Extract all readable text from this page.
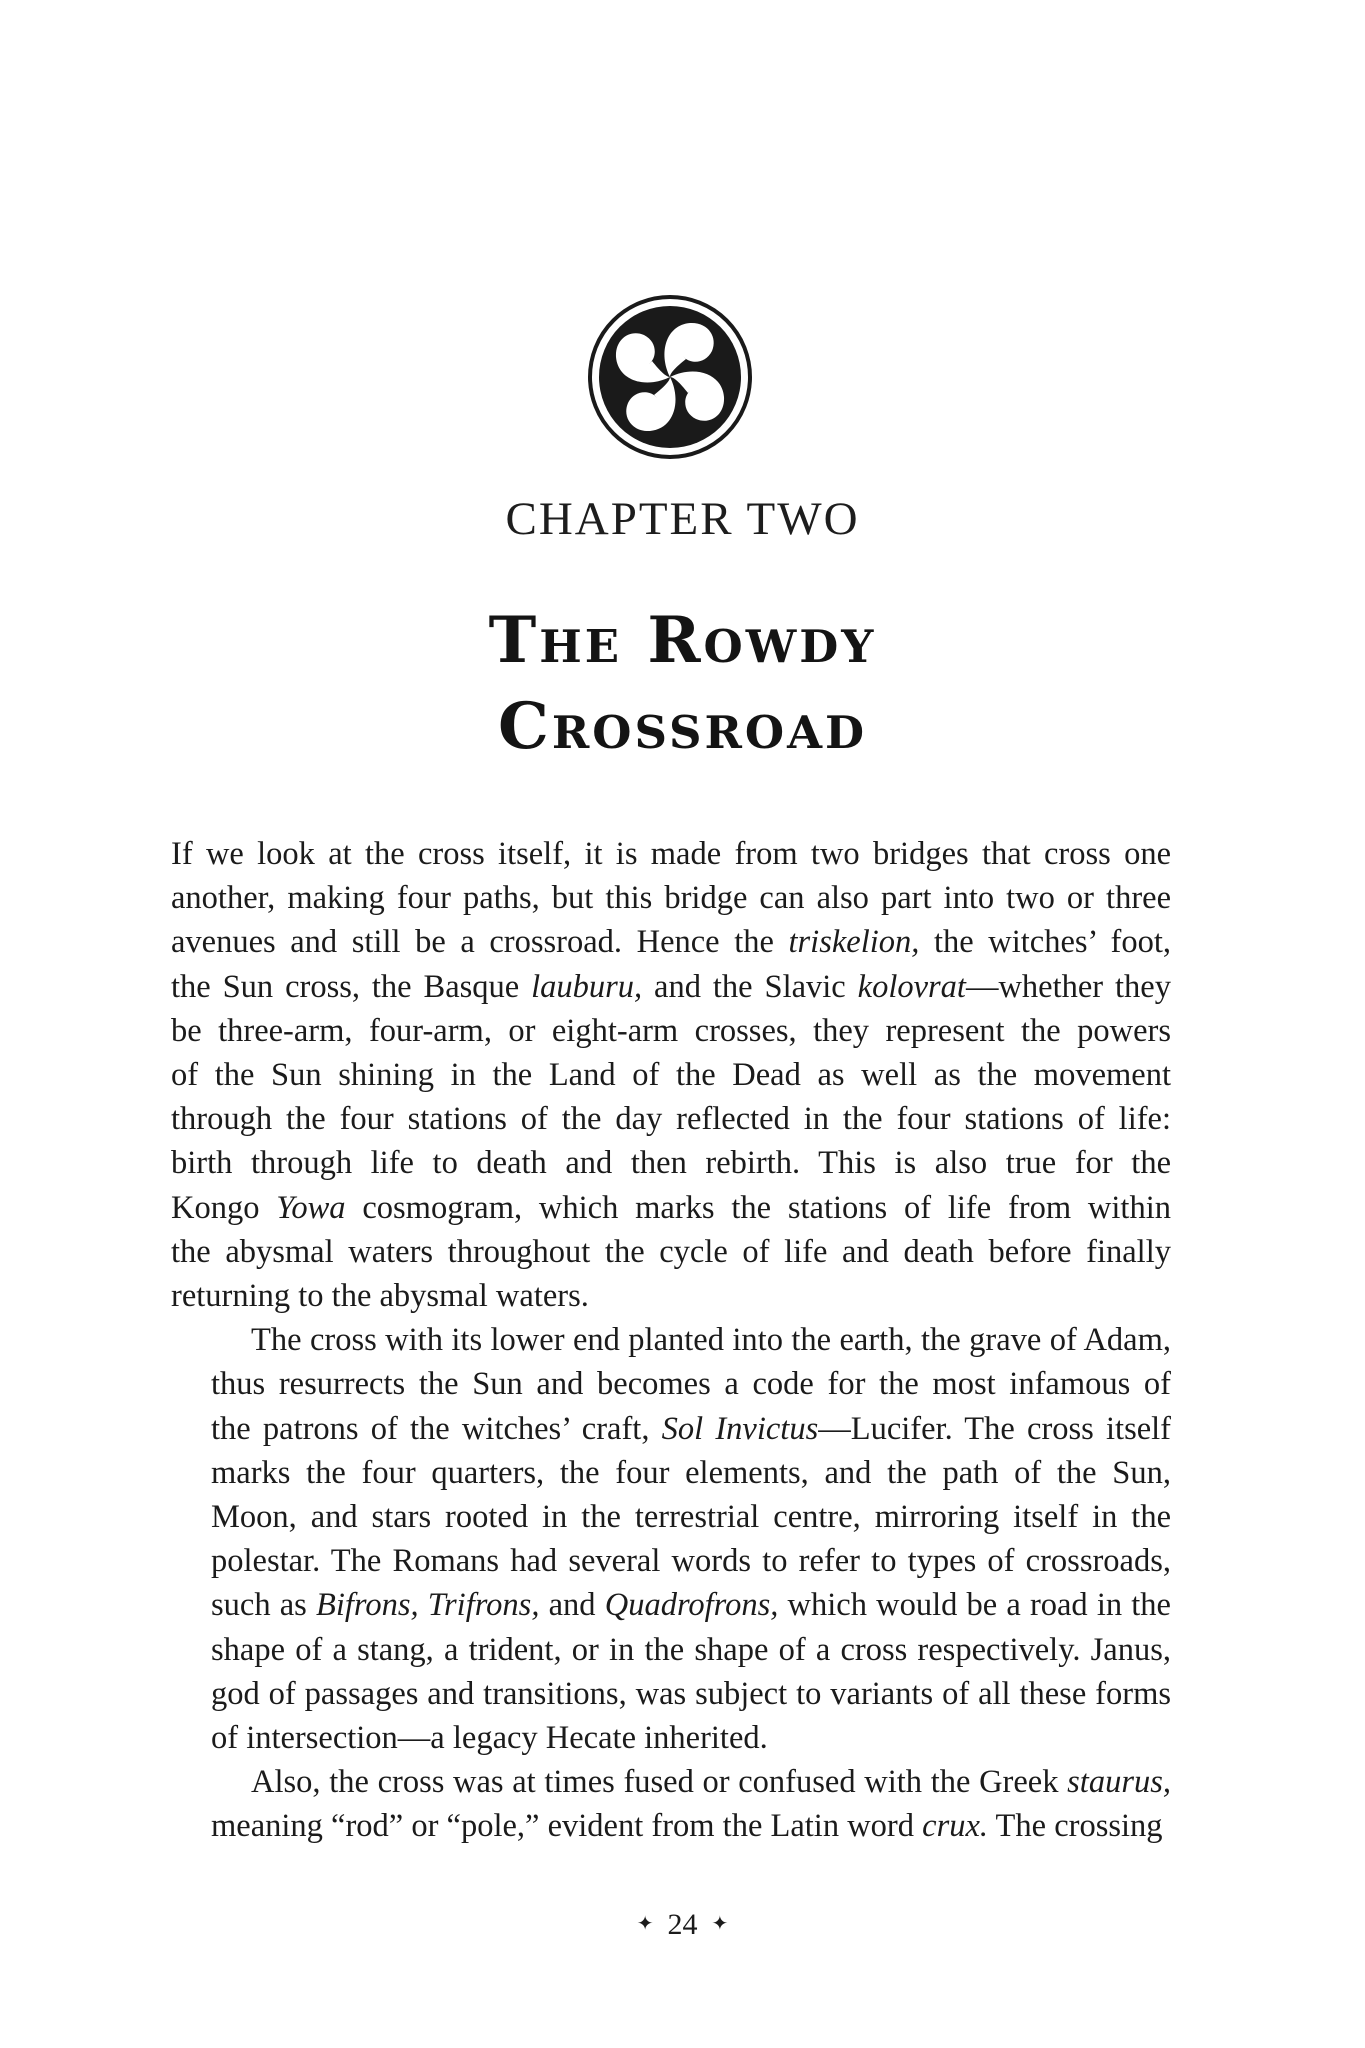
CHAPTER TWO
The Rowdy
Crossroad
If we look at the cross itself, it is made from two bridges that cross one
another, making four paths, but this bridge can also part into two or three
avenues and still be a crossroad. Hence the triskelion, the witches’ foot,
the Sun cross, the Basque lauburu, and the Slavic kolovrat—whether they
be three-arm, four-arm, or eight-arm crosses, they represent the powers
of the Sun shining in the Land of the Dead as well as the movement
through the four stations of the day reflected in the four stations of life:
birth through life to death and then rebirth. This is also true for the
Kongo Yowa cosmogram, which marks the stations of life from within
the abysmal waters throughout the cycle of life and death before finally
returning to the abysmal waters.
The cross with its lower end planted into the earth, the grave of Adam,
thus resurrects the Sun and becomes a code for the most infamous of
the patrons of the witches’ craft, Sol Invictus—Lucifer. The cross itself
marks the four quarters, the four elements, and the path of the Sun,
Moon, and stars rooted in the terrestrial centre, mirroring itself in the
polestar. The Romans had several words to refer to types of crossroads,
such as Bifrons, Trifrons, and Quadrofrons, which would be a road in the
shape of a stang, a trident, or in the shape of a cross respectively. Janus,
god of passages and transitions, was subject to variants of all these forms
of intersection—a legacy Hecate inherited.
Also, the cross was at times fused or confused with the Greek staurus,
meaning “rod” or “pole,” evident from the Latin word crux. The crossing
✦ 24 ✦
